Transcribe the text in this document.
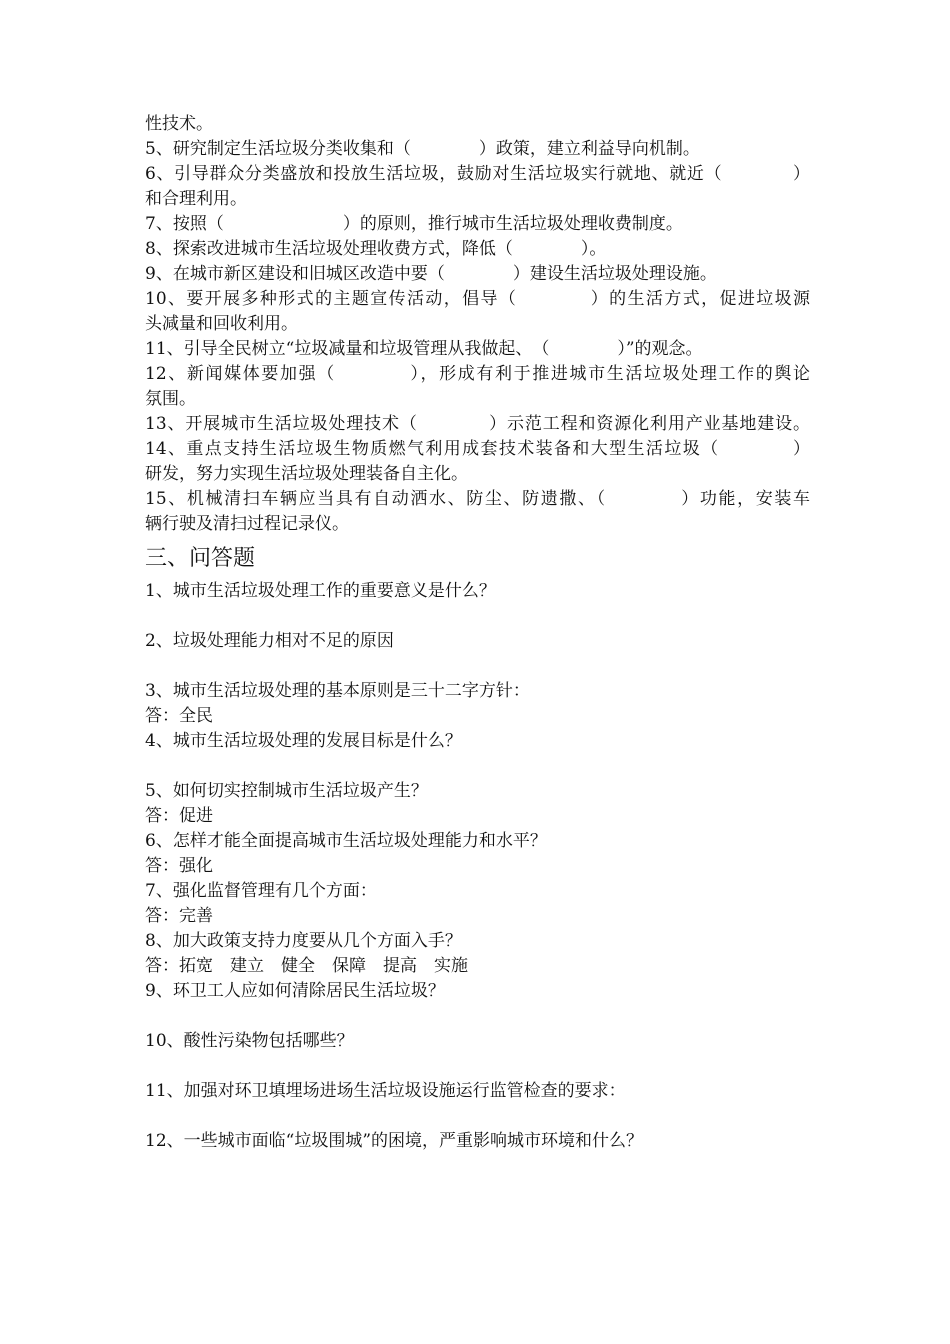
性技术。
5、研究制定生活垃圾分类收集和（　　　　）政策，建立利益导向机制。
6、引导群众分类盛放和投放生活垃圾，鼓励对生活垃圾实行就地、就近（　　　　）
和合理利用。
7、按照（　　　　　　　）的原则，推行城市生活垃圾处理收费制度。
8、探索改进城市生活垃圾处理收费方式，降低（　　　　）。
9、在城市新区建设和旧城区改造中要（　　　　）建设生活垃圾处理设施。
10、要开展多种形式的主题宣传活动，倡导（　　　　）的生活方式，促进垃圾源
头减量和回收利用。
11、引导全民树立“垃圾减量和垃圾管理从我做起、　（　　　　）”的观念。
12、新闻媒体要加强（　　　　），形成有利于推进城市生活垃圾处理工作的舆论
氛围。
13、开展城市生活垃圾处理技术（　　　　）示范工程和资源化利用产业基地建设。
14、重点支持生活垃圾生物质燃气利用成套技术装备和大型生活垃圾（　　　　）
研发，努力实现生活垃圾处理装备自主化。
15、机械清扫车辆应当具有自动洒水、防尘、防遗撒、（　　　　）功能，安装车
辆行驶及清扫过程记录仪。
三、问答题
1、城市生活垃圾处理工作的重要意义是什么？
2、垃圾处理能力相对不足的原因
3、城市生活垃圾处理的基本原则是三十二字方针：
答：全民
4、城市生活垃圾处理的发展目标是什么？
5、如何切实控制城市生活垃圾产生？
答：促进
6、怎样才能全面提高城市生活垃圾处理能力和水平？
答：强化
7、强化监督管理有几个方面：
答：完善
8、加大政策支持力度要从几个方面入手？
答：拓宽　建立　健全　保障　提高　实施
9、环卫工人应如何清除居民生活垃圾？
10、酸性污染物包括哪些？
11、加强对环卫填埋场进场生活垃圾设施运行监管检查的要求：
12、一些城市面临“垃圾围城”的困境，严重影响城市环境和什么？
